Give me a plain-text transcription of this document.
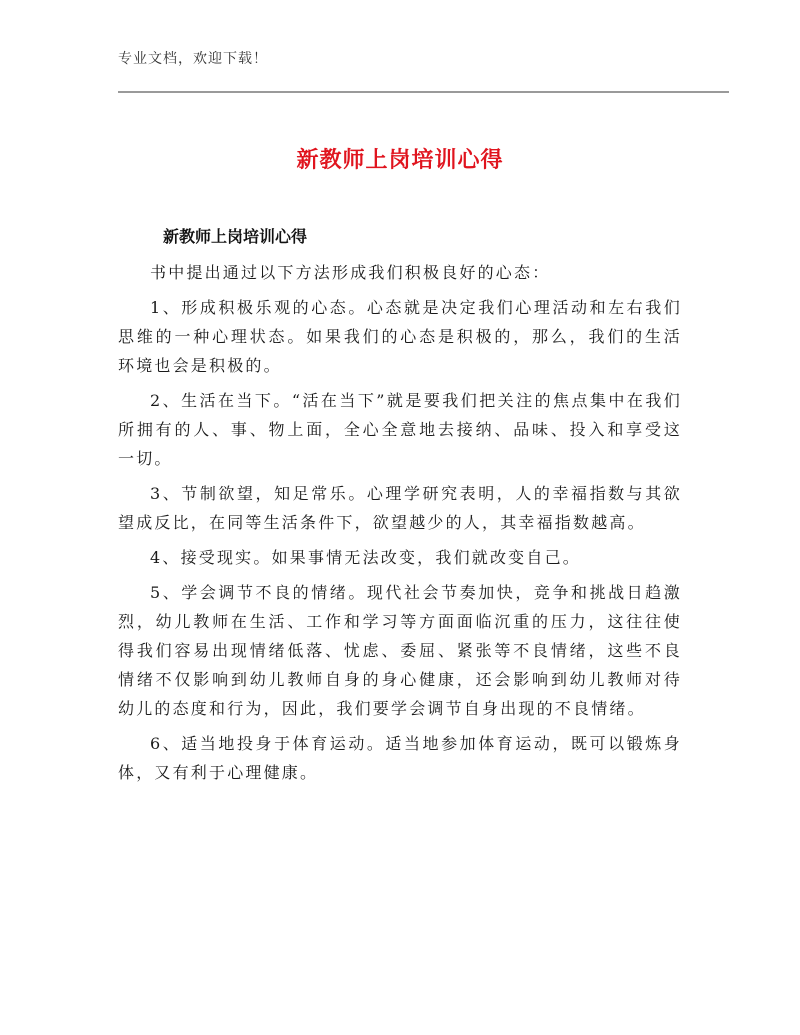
专业文档，欢迎下载！
新教师上岗培训心得
新教师上岗培训心得

书中提出通过以下方法形成我们积极良好的心态：

1、形成积极乐观的心态。心态就是决定我们心理活动和左右我们思维的一种心理状态。如果我们的心态是积极的，那么，我们的生活环境也会是积极的。

2、生活在当下。“活在当下”就是要我们把关注的焦点集中在我们所拥有的人、事、物上面，全心全意地去接纳、品味、投入和享受这一切。

3、节制欲望，知足常乐。心理学研究表明，人的幸福指数与其欲望成反比，在同等生活条件下，欲望越少的人，其幸福指数越高。

4、接受现实。如果事情无法改变，我们就改变自己。

5、学会调节不良的情绪。现代社会节奏加快，竞争和挑战日趋激烈，幼儿教师在生活、工作和学习等方面面临沉重的压力，这往往使得我们容易出现情绪低落、忧虑、委屈、紧张等不良情绪，这些不良情绪不仅影响到幼儿教师自身的身心健康，还会影响到幼儿教师对待幼儿的态度和行为，因此，我们要学会调节自身出现的不良情绪。

6、适当地投身于体育运动。适当地参加体育运动，既可以锻炼身体，又有利于心理健康。
